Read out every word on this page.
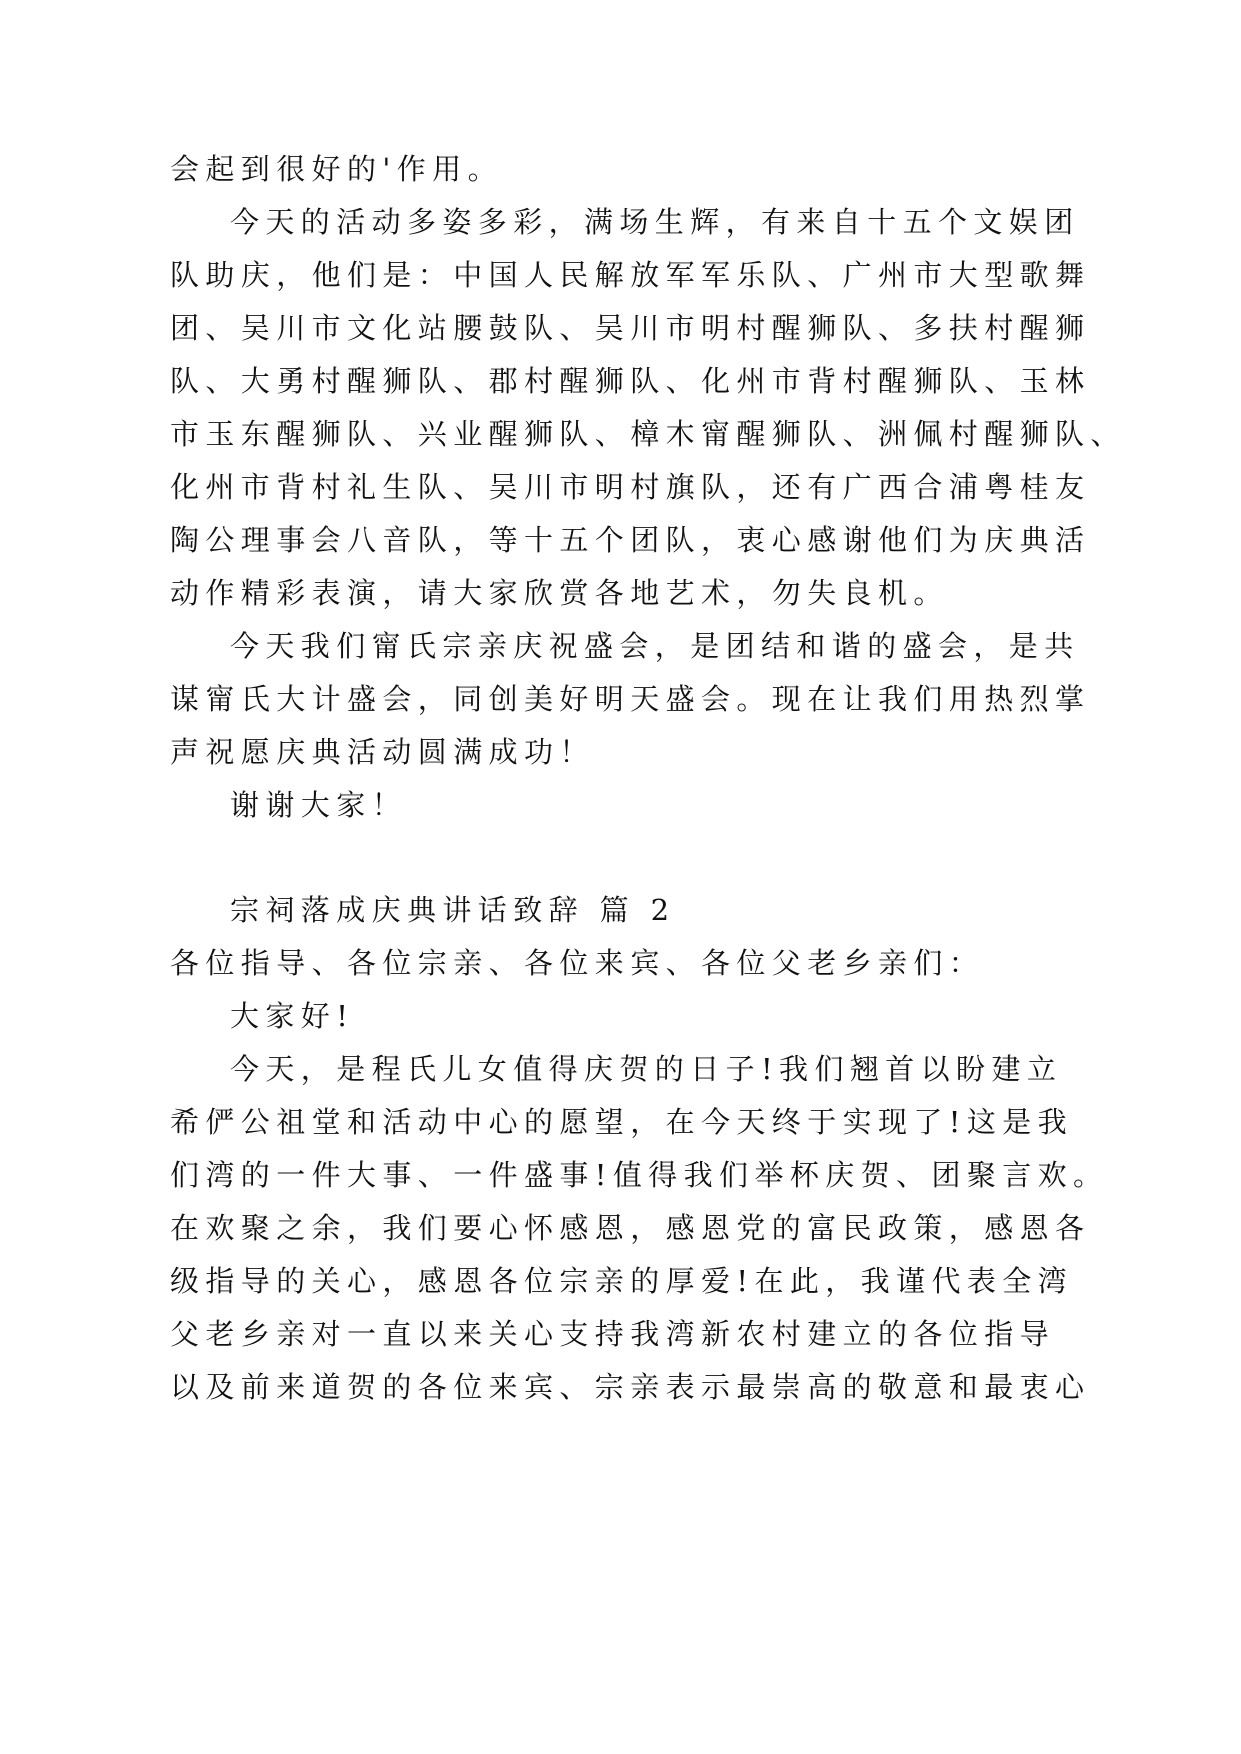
会起到很好的'作用。
今天的活动多姿多彩，满场生辉，有来自十五个文娱团
队助庆，他们是：中国人民解放军军乐队、广州市大型歌舞
团、吴川市文化站腰鼓队、吴川市明村醒狮队、多扶村醒狮
队、大勇村醒狮队、郡村醒狮队、化州市背村醒狮队、玉林
市玉东醒狮队、兴业醒狮队、樟木甯醒狮队、洲佩村醒狮队、
化州市背村礼生队、吴川市明村旗队，还有广西合浦粤桂友
陶公理事会八音队，等十五个团队，衷心感谢他们为庆典活
动作精彩表演，请大家欣赏各地艺术，勿失良机。
今天我们甯氏宗亲庆祝盛会，是团结和谐的盛会，是共
谋甯氏大计盛会，同创美好明天盛会。现在让我们用热烈掌
声祝愿庆典活动圆满成功！
谢谢大家！
宗祠落成庆典讲话致辞 篇 2
各位指导、各位宗亲、各位来宾、各位父老乡亲们：
大家好!
今天，是程氏儿女值得庆贺的日子!我们翘首以盼建立
希俨公祖堂和活动中心的愿望，在今天终于实现了!这是我
们湾的一件大事、一件盛事!值得我们举杯庆贺、团聚言欢。
在欢聚之余，我们要心怀感恩，感恩党的富民政策，感恩各
级指导的关心，感恩各位宗亲的厚爱!在此，我谨代表全湾
父老乡亲对一直以来关心支持我湾新农村建立的各位指导
以及前来道贺的各位来宾、宗亲表示最崇高的敬意和最衷心
